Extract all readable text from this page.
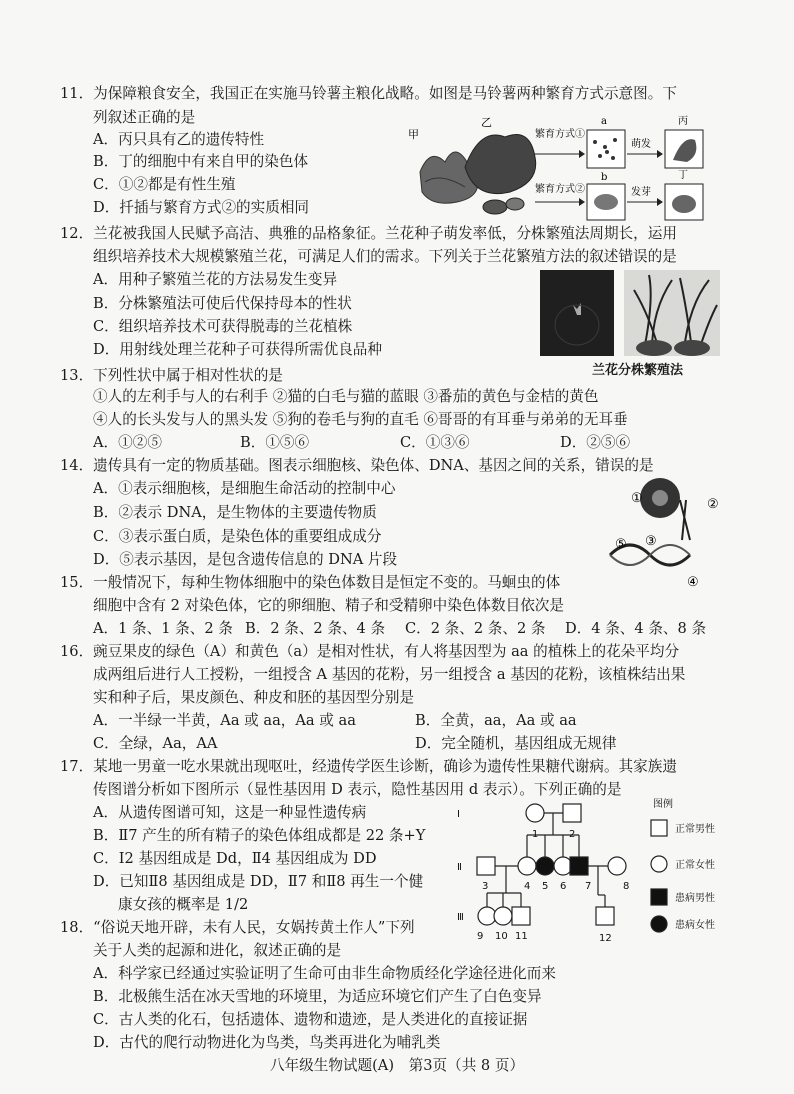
11．为保障粮食安全，我国正在实施马铃薯主粮化战略。如图是马铃薯两种繁育方式示意图。下
列叙述正确的是
A．丙只具有乙的遗传特性
B．丁的细胞中有来自甲的染色体
C．①②都是有性生殖
D．扦插与繁育方式②的实质相同
甲
乙
繁育方式①
a
萌发
丙
繁育方式②
b
发芽
丁
12．兰花被我国人民赋予高洁、典雅的品格象征。兰花种子萌发率低，分株繁殖法周期长，运用
组织培养技术大规模繁殖兰花，可满足人们的需求。下列关于兰花繁殖方法的叙述错误的是
A．用种子繁殖兰花的方法易发生变异
B．分株繁殖法可使后代保持母本的性状
C．组织培养技术可获得脱毒的兰花植株
D．用射线处理兰花种子可获得所需优良品种
兰花分株繁殖法
13．下列性状中属于相对性状的是
①人的左利手与人的右利手 ②猫的白毛与猫的蓝眼 ③番茄的黄色与金桔的黄色
④人的长头发与人的黑头发 ⑤狗的卷毛与狗的直毛 ⑥哥哥的有耳垂与弟弟的无耳垂
A．①②⑤	B．①⑤⑥	C．①③⑥	D．②⑤⑥
14．遗传具有一定的物质基础。图表示细胞核、染色体、DNA、基因之间的关系，错误的是
A．①表示细胞核，是细胞生命活动的控制中心
B．②表示 DNA，是生物体的主要遗传物质
C．③表示蛋白质，是染色体的重要组成成分
D．⑤表示基因，是包含遗传信息的 DNA 片段
①	②
③
④
⑤
15．一般情况下，每种生物体细胞中的染色体数目是恒定不变的。马蛔虫的体
细胞中含有 2 对染色体，它的卵细胞、精子和受精卵中染色体数目依次是
A．1 条、1 条、2 条 B．2 条、2 条、4 条 C．2 条、2 条、2 条 D．4 条、4 条、8 条
16．豌豆果皮的绿色（A）和黄色（a）是相对性状，有人将基因型为 aa 的植株上的花朵平均分
成两组后进行人工授粉，一组授含 A 基因的花粉，另一组授含 a 基因的花粉，该植株结出果
实和种子后，果皮颜色、种皮和胚的基因型分别是
A．一半绿一半黄，Aa 或 aa，Aa 或 aa	B．全黄，aa，Aa 或 aa
C．全绿，Aa，AA	D．完全随机，基因组成无规律
17．某地一男童一吃水果就出现呕吐，经遗传学医生诊断，确诊为遗传性果糖代谢病。其家族遗
传图谱分析如下图所示（显性基因用 D 表示，隐性基因用 d 表示）。下列正确的是
A．从遗传图谱可知，这是一种显性遗传病
B．Ⅱ7 产生的所有精子的染色体组成都是 22 条+Y
C．Ⅰ2 基因组成是 Dd，Ⅱ4 基因组成为 DD
D．已知Ⅱ8 基因组成是 DD，Ⅱ7 和Ⅱ8 再生一个健
康女孩的概率是 1/2
Ⅰ
Ⅱ
Ⅲ
1	2
3	4 5 6 7	8
9 10 11	12
图例
正常男性
正常女性
患病男性
患病女性
18．“俗说天地开辟，未有人民，女娲抟黄土作人”下列
关于人类的起源和进化，叙述正确的是
A．科学家已经通过实验证明了生命可由非生命物质经化学途径进化而来
B．北极熊生活在冰天雪地的环境里，为适应环境它们产生了白色变异
C．古人类的化石，包括遗体、遗物和遗迹，是人类进化的直接证据
D．古代的爬行动物进化为鸟类，鸟类再进化为哺乳类
八年级生物试题(A)　第3页（共 8 页）
